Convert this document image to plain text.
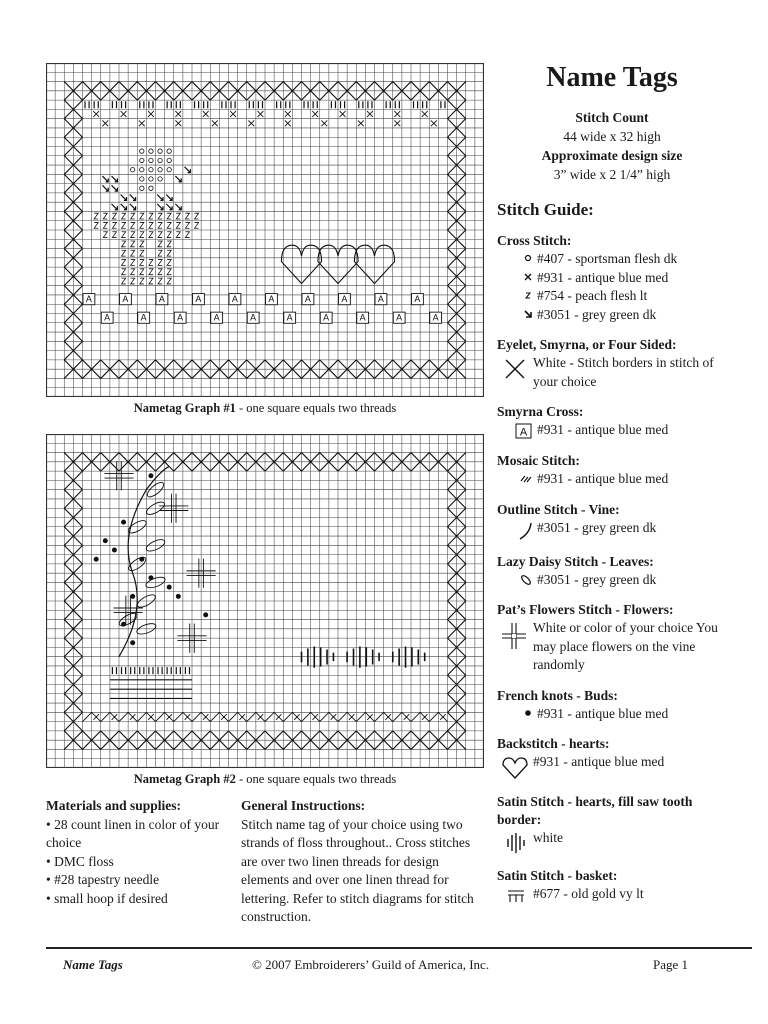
A	A	A	A	A	A	A	A	A	A
A	A	A	A	A	A	A	A	A	A
Nametag Graph #1 - one square equals two threads
Nametag Graph #2 - one square equals two threads
Name Tags
Stitch Count
44 wide x 32 high
Approximate design size
3” wide x 2 1/4” high
Stitch Guide:
Cross Stitch:
#407 - sportsman flesh dk
#931 - antique blue med
#754 - peach flesh lt
#3051 - grey green dk
Eyelet, Smyrna, or Four Sided:
White - Stitch borders in stitch of your choice
Smyrna Cross:
A #931 - antique blue med
Mosaic Stitch:
#931 - antique blue med
Outline Stitch - Vine:
#3051 - grey green dk
Lazy Daisy Stitch - Leaves:
#3051 - grey green dk
Pat’s Flowers Stitch - Flowers:
White or color of your choice You may place flowers on the vine randomly
French knots - Buds:
#931 - antique blue med
Backstitch - hearts:
#931 - antique blue med
Satin Stitch - hearts, fill saw tooth border:
white
Satin Stitch - basket:
#677 - old gold vy lt
Materials and supplies:
• 28 count linen in color of your choice
• DMC floss
• #28 tapestry needle
• small hoop if desired
General Instructions:
Stitch name tag of your choice using two strands of floss throughout.. Cross stitches are over two linen threads for design elements and over one linen thread for lettering. Refer to stitch diagrams for stitch construction.
Name Tags	© 2007 Embroiderers’ Guild of America, Inc.	Page 1
